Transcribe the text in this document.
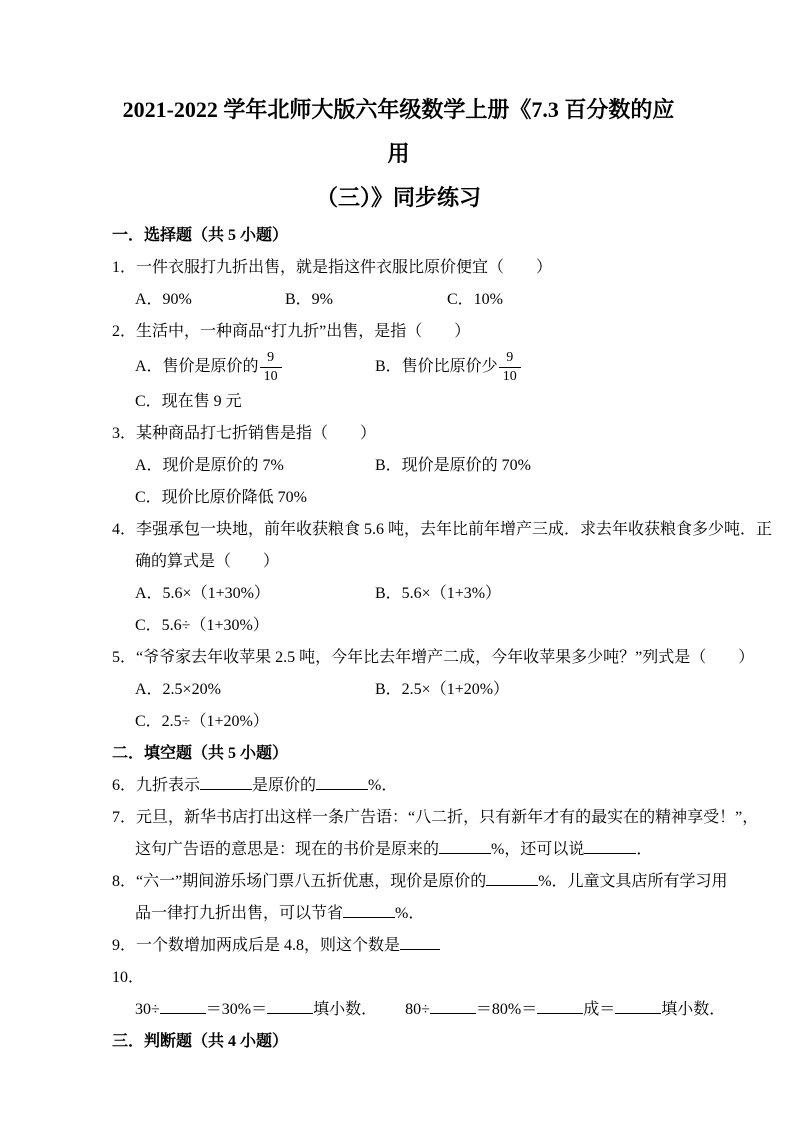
2021-2022 学年北师大版六年级数学上册《7.3 百分数的应用
（三）》同步练习
一．选择题（共 5 小题）
1．一件衣服打九折出售，就是指这件衣服比原价便宜（　　）
A．90%	B．9%	C．10%
2．生活中，一种商品“打九折”出售，是指（　　）
A．售价是原价的 $\frac{9}{10}$	B．售价比原价少 $\frac{9}{10}$
C．现在售 9 元
3．某种商品打七折销售是指（　　）
A．现价是原价的 7%	B．现价是原价的 70%
C．现价比原价降低 70%
4．李强承包一块地，前年收获粮食 5.6 吨，去年比前年增产三成．求去年收获粮食多少吨．正
确的算式是（　　）
A．5.6×（1+30%）	B．5.6×（1+3%）
C．5.6÷（1+30%）
5．“爷爷家去年收苹果 2.5 吨，今年比去年增产二成，今年收苹果多少吨？”列式是（　　）
A．2.5×20%	B．2.5×（1+20%）
C．2.5÷（1+20%）
二．填空题（共 5 小题）
6．九折表示	是原价的	%．
7．元旦，新华书店打出这样一条广告语：“八二折，只有新年才有的最实在的精神享受！”，
这句广告语的意思是：现在的书价是原来的	%，还可以说	．
8．“六一”期间游乐场门票八五折优惠，现价是原价的	%．儿童文具店所有学习用
品一律打九折出售，可以节省	%．
9．一个数增加两成后是 4.8，则这个数是
10．
30÷	＝30%＝	填小数． 80÷	＝80%＝	成＝	填小数．
三．判断题（共 4 小题）
